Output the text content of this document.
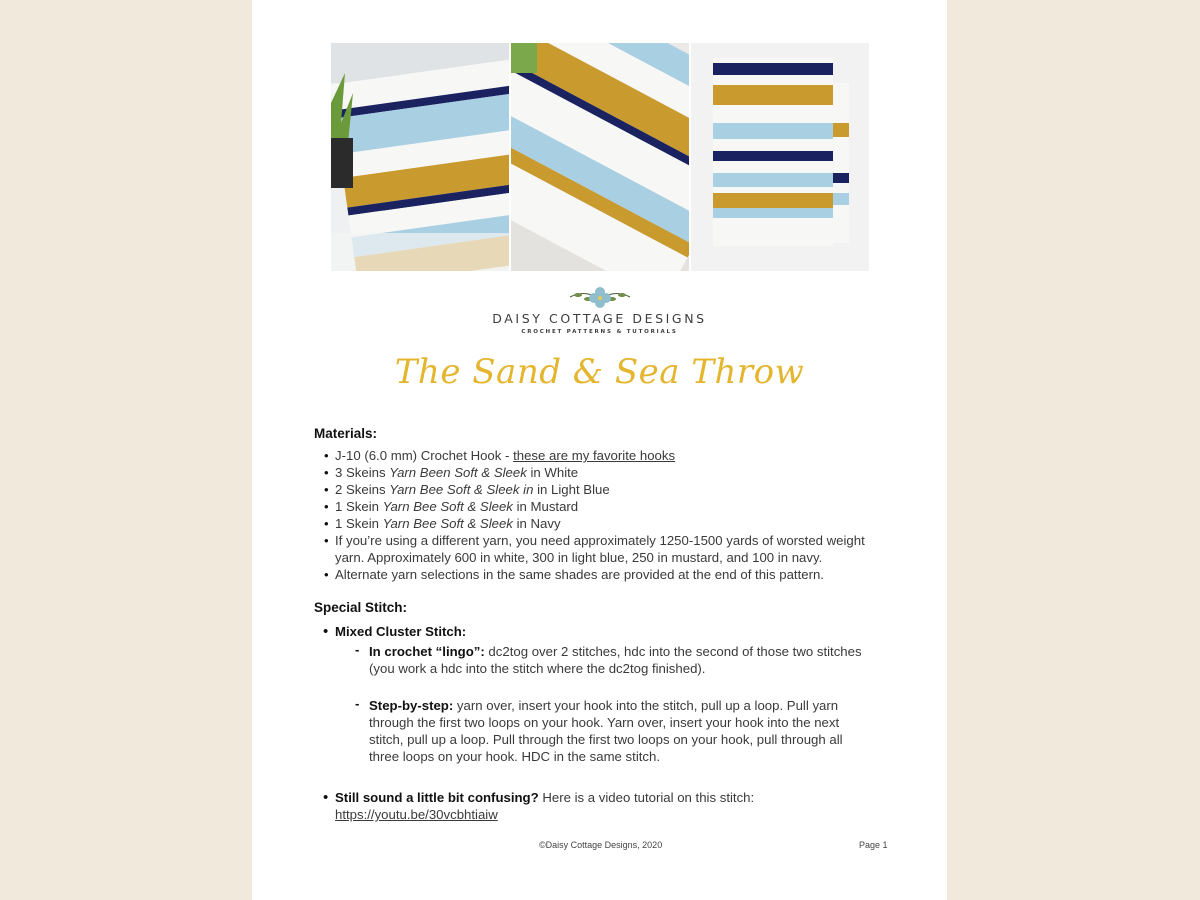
DAISY COTTAGE DESIGNS
CROCHET PATTERNS & TUTORIALS
The Sand & Sea Throw
Materials:
• J-10 (6.0 mm) Crochet Hook - these are my favorite hooks
• 3 Skeins Yarn Been Soft & Sleek in White
• 2 Skeins Yarn Bee Soft & Sleek in in Light Blue
• 1 Skein Yarn Bee Soft & Sleek in Mustard
• 1 Skein Yarn Bee Soft & Sleek in Navy
• If you’re using a different yarn, you need approximately 1250-1500 yards of worsted weight yarn. Approximately 600 in white, 300 in light blue, 250 in mustard, and 100 in navy.
• Alternate yarn selections in the same shades are provided at the end of this pattern.
Special Stitch:
• Mixed Cluster Stitch:
- In crochet “lingo”: dc2tog over 2 stitches, hdc into the second of those two stitches (you work a hdc into the stitch where the dc2tog finished).
- Step-by-step: yarn over, insert your hook into the stitch, pull up a loop. Pull yarn through the first two loops on your hook. Yarn over, insert your hook into the next stitch, pull up a loop. Pull through the first two loops on your hook, pull through all three loops on your hook. HDC in the same stitch.
• Still sound a little bit confusing? Here is a video tutorial on this stitch: https://youtu.be/30vcbhtiaiw
©Daisy Cottage Designs, 2020	Page 1
